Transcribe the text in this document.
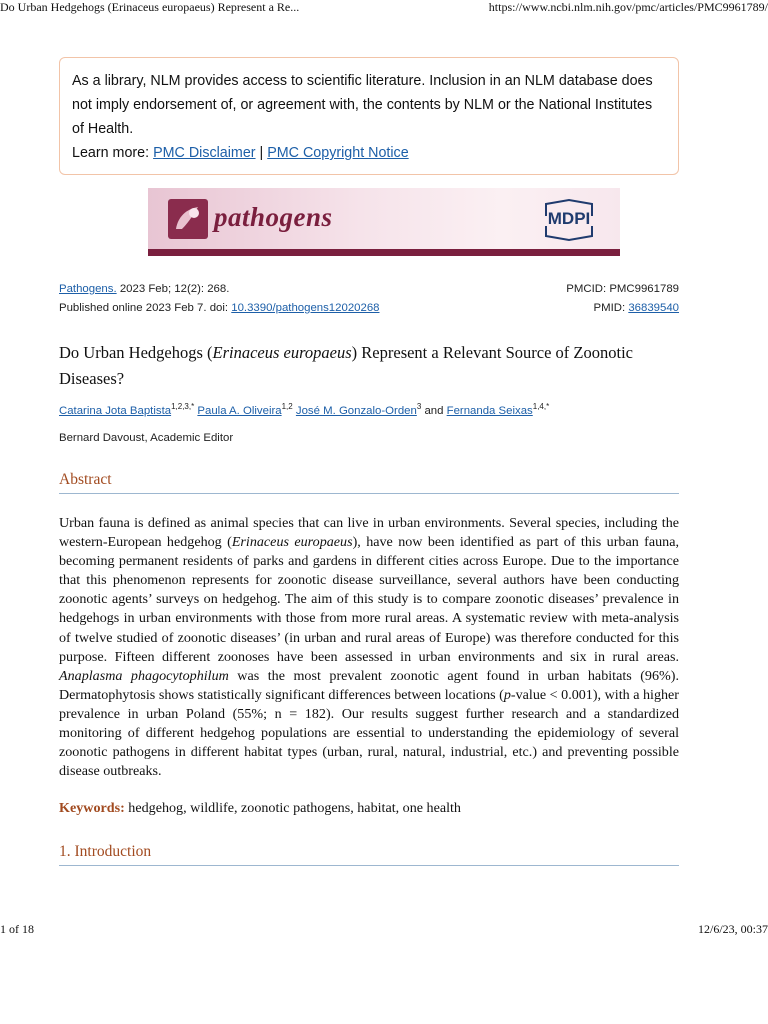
Do Urban Hedgehogs (Erinaceus europaeus) Represent a Re...	https://www.ncbi.nlm.nih.gov/pmc/articles/PMC9961789/
As a library, NLM provides access to scientific literature. Inclusion in an NLM database does not imply endorsement of, or agreement with, the contents by NLM or the National Institutes of Health.
Learn more: PMC Disclaimer | PMC Copyright Notice
pathogens	MDPI
Pathogens. 2023 Feb; 12(2): 268.	PMCID: PMC9961789
Published online 2023 Feb 7. doi: 10.3390/pathogens12020268	PMID: 36839540
Do Urban Hedgehogs (Erinaceus europaeus) Represent a Relevant Source of Zoonotic Diseases?
Catarina Jota Baptista$^{1,2,3,*}$ Paula A. Oliveira$^{1,2}$ José M. Gonzalo-Orden$^3$ and Fernanda Seixas$^{1,4,*}$
Bernard Davoust, Academic Editor
Abstract
Urban fauna is defined as animal species that can live in urban environments. Several species, including the western-European hedgehog (Erinaceus europaeus), have now been identified as part of this urban fauna, becoming permanent residents of parks and gardens in different cities across Europe. Due to the importance that this phenomenon represents for zoonotic disease surveillance, several authors have been conducting zoonotic agents’ surveys on hedgehog. The aim of this study is to compare zoonotic diseases’ prevalence in hedgehogs in urban environments with those from more rural areas. A systematic review with meta-analysis of twelve studied of zoonotic diseases’ (in urban and rural areas of Europe) was therefore conducted for this purpose. Fifteen different zoonoses have been assessed in urban environments and six in rural areas. Anaplasma phagocytophilum was the most prevalent zoonotic agent found in urban habitats (96%). Dermatophytosis shows statistically significant differences between locations (p-value < 0.001), with a higher prevalence in urban Poland (55%; n = 182). Our results suggest further research and a standardized monitoring of different hedgehog populations are essential to understanding the epidemiology of several zoonotic pathogens in different habitat types (urban, rural, natural, industrial, etc.) and preventing possible disease outbreaks.
Keywords: hedgehog, wildlife, zoonotic pathogens, habitat, one health
1. Introduction
1 of 18	12/6/23, 00:37
